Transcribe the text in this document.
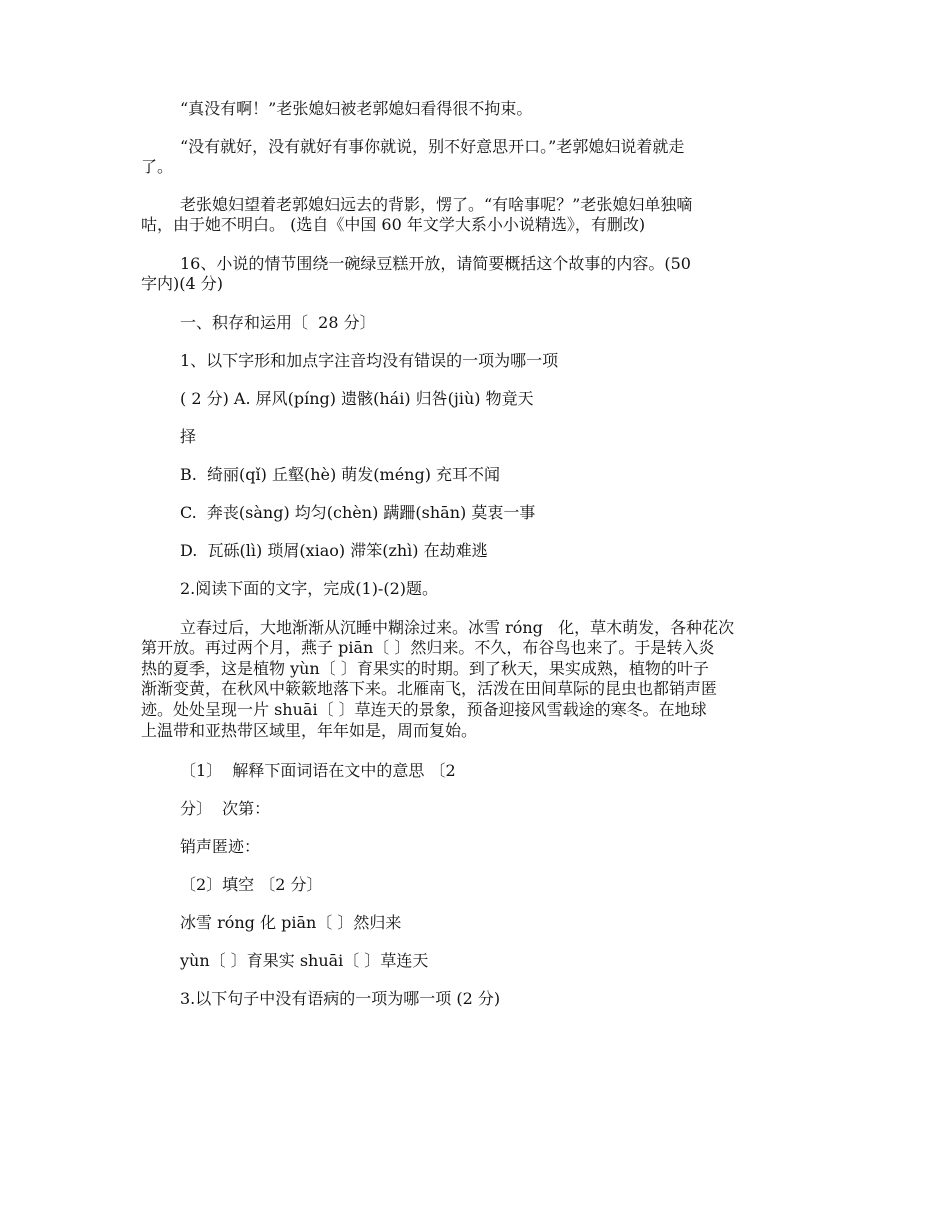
“真没有啊！”老张媳妇被老郭媳妇看得很不拘束。
“没有就好，没有就好有事你就说，别不好意思开口。”老郭媳妇说着就走
了。
老张媳妇望着老郭媳妇远去的背影，愣了。“有啥事呢？”老张媳妇单独嘀
咕，由于她不明白。 (选自《中国 60 年文学大系小小说精选》，有删改)
16、小说的情节围绕一碗绿豆糕开放，请简要概括这个故事的内容。(50
字内)(4 分)
一、积存和运用〔  28 分〕
1、以下字形和加点字注音均没有错误的一项为哪一项
( 2 分) A. 屏风(píng) 遗骸(hái) 归咎(jiù) 物竟天
择
B.  绮丽(qǐ) 丘壑(hè) 萌发(méng) 充耳不闻
C.  奔丧(sàng) 均匀(chèn) 蹒跚(shān) 莫衷一事
D.  瓦砾(lì) 琐屑(xiao) 滞笨(zhì) 在劫难逃
2.阅读下面的文字，完成(1)-(2)题。
立春过后，大地渐渐从沉睡中糊涂过来。冰雪 róng   化，草木萌发，各种花次
第开放。再过两个月，燕子 piān〔 〕然归来。不久，布谷鸟也来了。于是转入炎
热的夏季，这是植物 yùn〔 〕育果实的时期。到了秋天，果实成熟，植物的叶子
渐渐变黄，在秋风中簌簌地落下来。北雁南飞，活泼在田间草际的昆虫也都销声匿
迹。处处呈现一片 shuāi〔 〕草连天的景象，预备迎接风雪载途的寒冬。在地球
上温带和亚热带区域里，年年如是，周而复始。
〔1〕  解释下面词语在文中的意思 〔2
分〕  次第：
销声匿迹：
〔2〕填空 〔2 分〕
冰雪 róng 化 piān〔 〕然归来
yùn〔 〕育果实 shuāi〔 〕草连天
3.以下句子中没有语病的一项为哪一项 (2 分)
